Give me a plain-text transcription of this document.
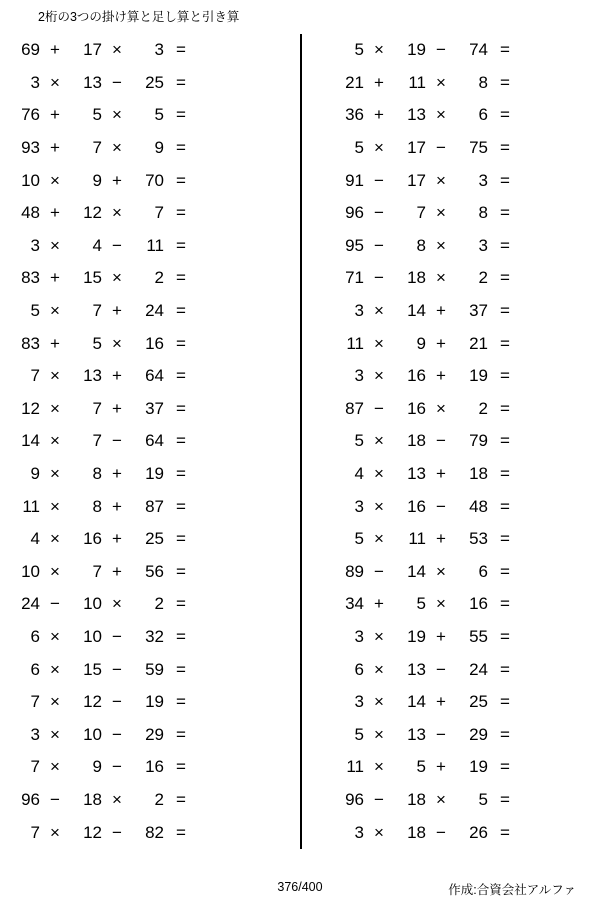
2桁の3つの掛け算と足し算と引き算
69 +	17 ×	3 =
3 ×	13 −	25 =
76 +	5 ×	5 =
93 +	7 ×	9 =
10 ×	9 +	70 =
48 +	12 ×	7 =
3 ×	4 −	11 =
83 +	15 ×	2 =
5 ×	7 +	24 =
83 +	5 ×	16 =
7 ×	13 +	64 =
12 ×	7 +	37 =
14 ×	7 −	64 =
9 ×	8 +	19 =
11 ×	8 +	87 =
4 ×	16 +	25 =
10 ×	7 +	56 =
24 −	10 ×	2 =
6 ×	10 −	32 =
6 ×	15 −	59 =
7 ×	12 −	19 =
3 ×	10 −	29 =
7 ×	9 −	16 =
96 −	18 ×	2 =
7 ×	12 −	82 =
5 ×	19 −	74 =
21 +	11 ×	8 =
36 +	13 ×	6 =
5 ×	17 −	75 =
91 −	17 ×	3 =
96 −	7 ×	8 =
95 −	8 ×	3 =
71 −	18 ×	2 =
3 ×	14 +	37 =
11 ×	9 +	21 =
3 ×	16 +	19 =
87 −	16 ×	2 =
5 ×	18 −	79 =
4 ×	13 +	18 =
3 ×	16 −	48 =
5 ×	11 +	53 =
89 −	14 ×	6 =
34 +	5 ×	16 =
3 ×	19 +	55 =
6 ×	13 −	24 =
3 ×	14 +	25 =
5 ×	13 −	29 =
11 ×	5 +	19 =
96 −	18 ×	5 =
3 ×	18 −	26 =
376/400	作成:合資会社アルファ
